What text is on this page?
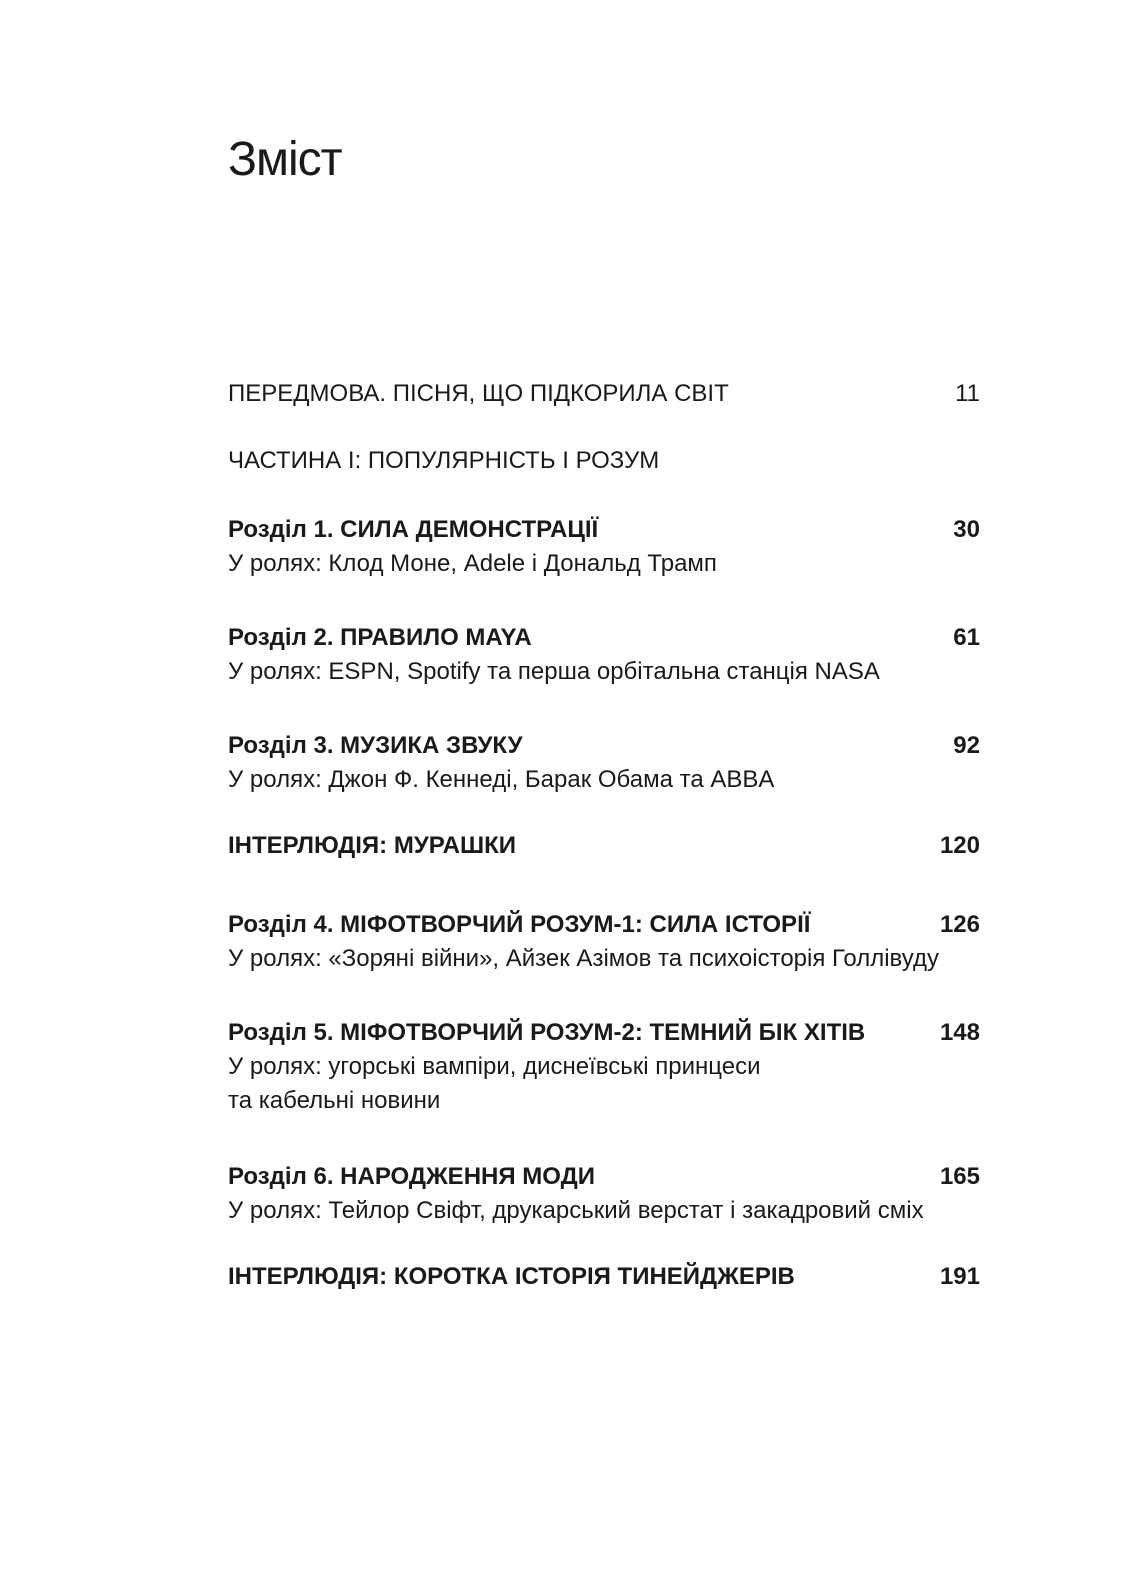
Зміст
ПЕРЕДМОВА. ПІСНЯ, ЩО ПІДКОРИЛА СВІТ	11
ЧАСТИНА І: ПОПУЛЯРНІСТЬ І РОЗУМ
Розділ 1. СИЛА ДЕМОНСТРАЦІЇ	30
У ролях: Клод Моне, Adele і Дональд Трамп
Розділ 2. ПРАВИЛО MAYA	61
У ролях: ESPN, Spotify та перша орбітальна станція NASA
Розділ 3. МУЗИКА ЗВУКУ	92
У ролях: Джон Ф. Кеннеді, Барак Обама та ABBA
ІНТЕРЛЮДІЯ: МУРАШКИ	120
Розділ 4. МІФОТВОРЧИЙ РОЗУМ-1: СИЛА ІСТОРІЇ	126
У ролях: «Зоряні війни», Айзек Азімов та психоісторія Голлівуду
Розділ 5. МІФОТВОРЧИЙ РОЗУМ-2: ТЕМНИЙ БІК ХІТІВ	148
У ролях: угорські вампіри, диснеївські принцеси
та кабельні новини
Розділ 6. НАРОДЖЕННЯ МОДИ	165
У ролях: Тейлор Свіфт, друкарський верстат і закадровий сміх
ІНТЕРЛЮДІЯ: КОРОТКА ІСТОРІЯ ТИНЕЙДЖЕРІВ	191
